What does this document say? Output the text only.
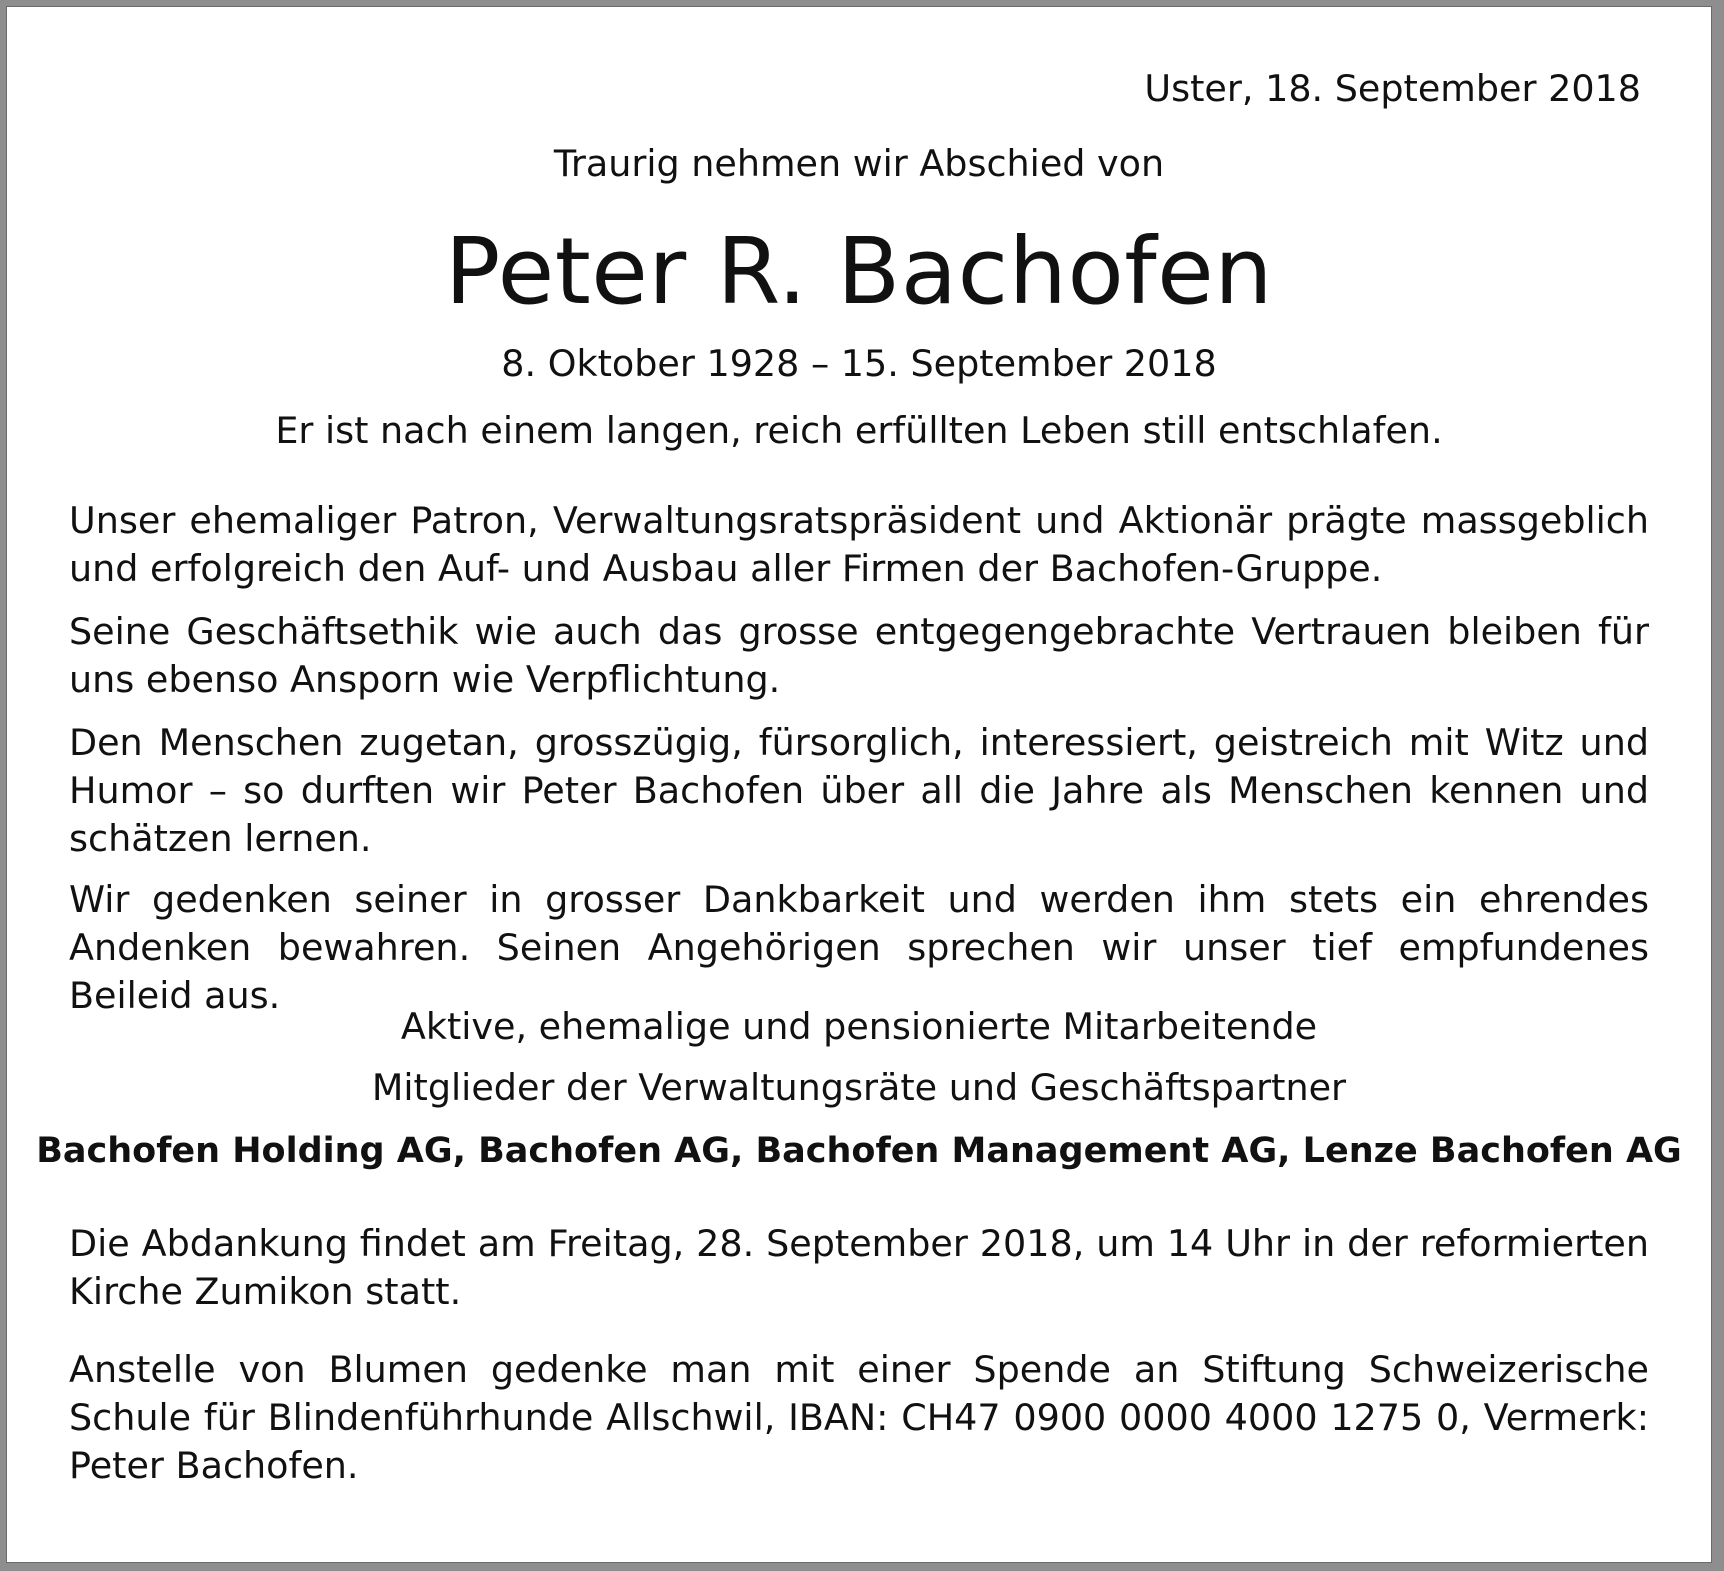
Uster, 18. September 2018
Traurig nehmen wir Abschied von
Peter R. Bachofen
8. Oktober 1928 – 15. September 2018
Er ist nach einem langen, reich erfüllten Leben still entschlafen.

Unser ehemaliger Patron, Verwaltungsratspräsident und Aktionär prägte massgeblich und erfolgreich den Auf- und Ausbau aller Firmen der Bachofen-Gruppe.

Seine Geschäftsethik wie auch das grosse entgegengebrachte Vertrauen bleiben für uns ebenso Ansporn wie Verpflichtung.

Den Menschen zugetan, grosszügig, fürsorglich, interessiert, geistreich mit Witz und Humor – so durften wir Peter Bachofen über all die Jahre als Menschen kennen und schätzen lernen.

Wir gedenken seiner in grosser Dankbarkeit und werden ihm stets ein ehrendes Andenken bewahren. Seinen Angehörigen sprechen wir unser tief empfundenes Beileid aus.

Aktive, ehemalige und pensionierte Mitarbeitende
Mitglieder der Verwaltungsräte und Geschäftspartner
Bachofen Holding AG, Bachofen AG, Bachofen Management AG, Lenze Bachofen AG

Die Abdankung findet am Freitag, 28. September 2018, um 14 Uhr in der reformierten Kirche Zumikon statt.

Anstelle von Blumen gedenke man mit einer Spende an Stiftung Schweizerische Schule für Blindenführhunde Allschwil, IBAN: CH47 0900 0000 4000 1275 0, Vermerk: Peter Bachofen.
